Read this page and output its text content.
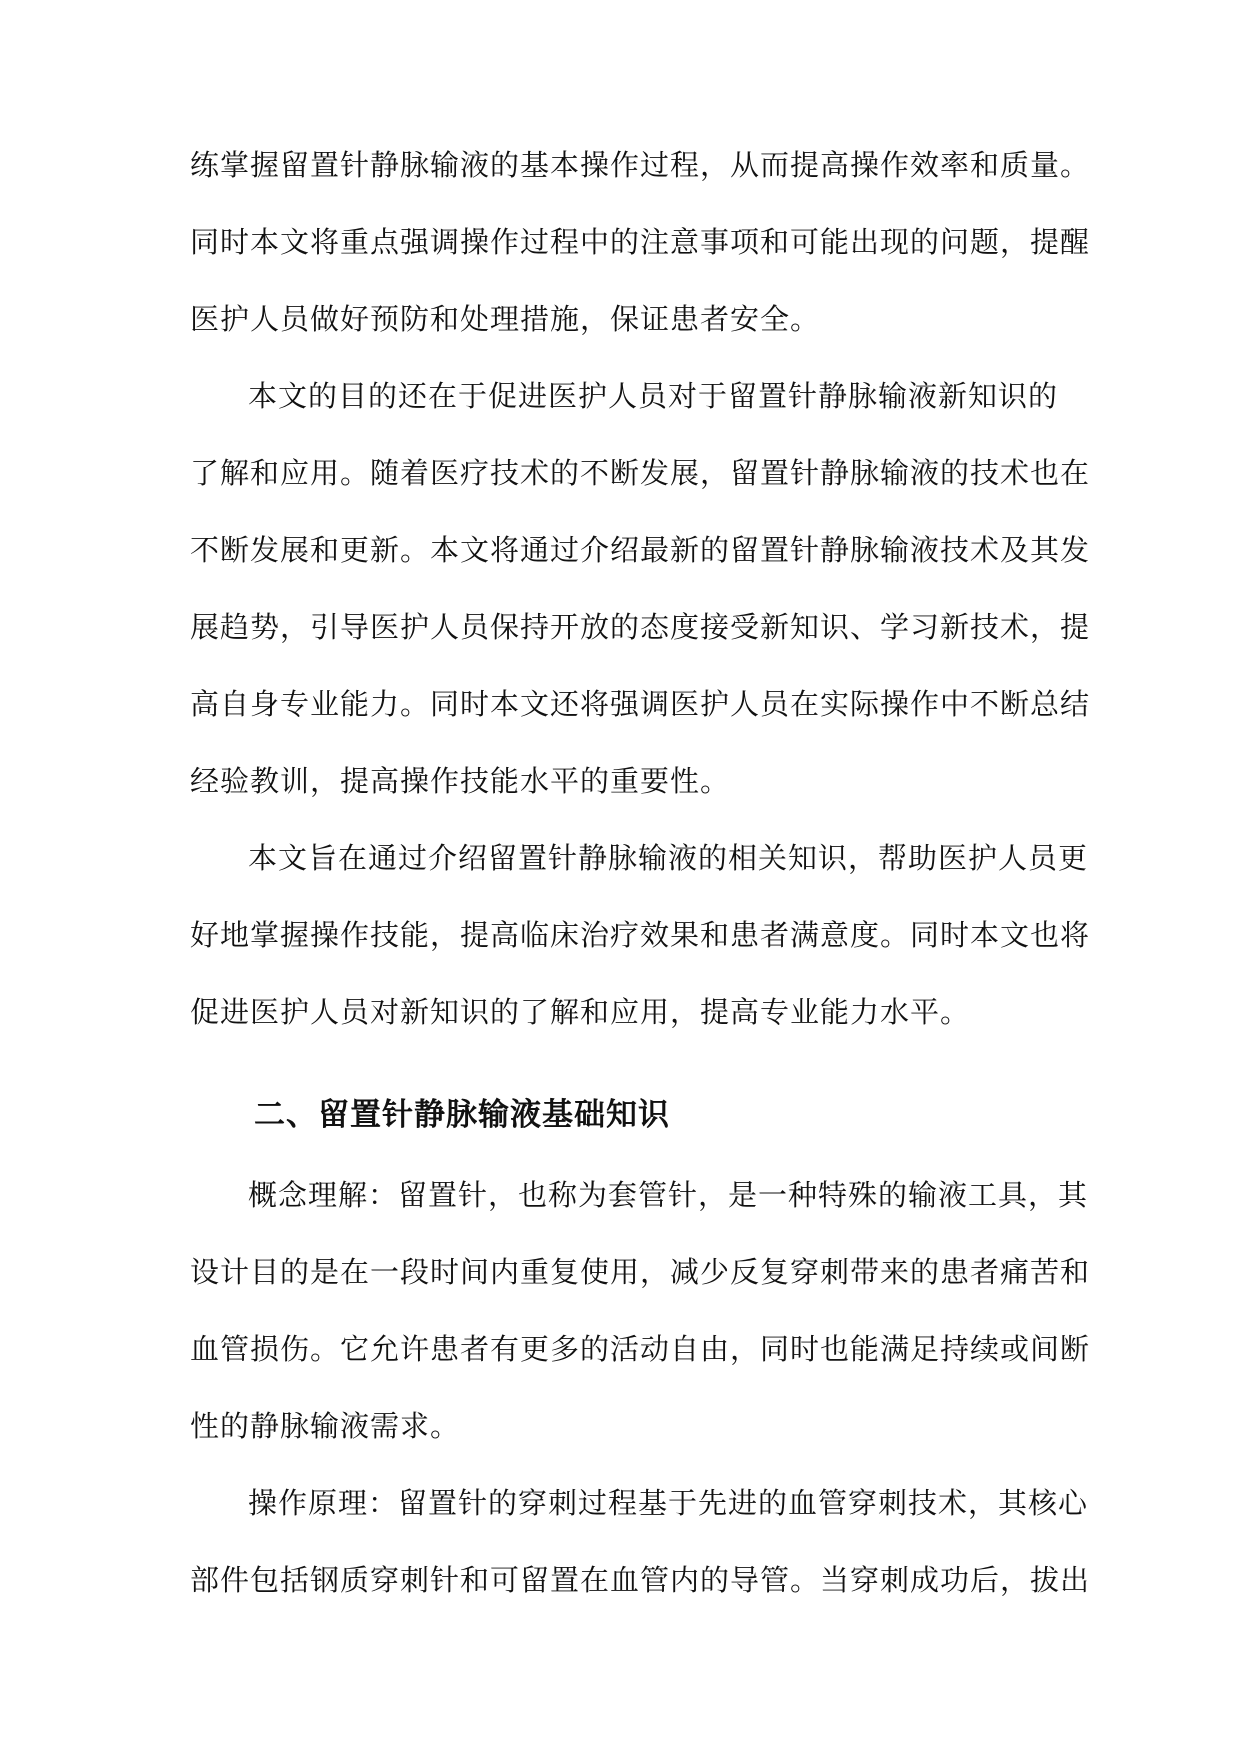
练掌握留置针静脉输液的基本操作过程，从而提高操作效率和质量。
同时本文将重点强调操作过程中的注意事项和可能出现的问题，提醒
医护人员做好预防和处理措施，保证患者安全。
本文的目的还在于促进医护人员对于留置针静脉输液新知识的
了解和应用。随着医疗技术的不断发展，留置针静脉输液的技术也在
不断发展和更新。本文将通过介绍最新的留置针静脉输液技术及其发
展趋势，引导医护人员保持开放的态度接受新知识、学习新技术，提
高自身专业能力。同时本文还将强调医护人员在实际操作中不断总结
经验教训，提高操作技能水平的重要性。
本文旨在通过介绍留置针静脉输液的相关知识，帮助医护人员更
好地掌握操作技能，提高临床治疗效果和患者满意度。同时本文也将
促进医护人员对新知识的了解和应用，提高专业能力水平。
二、留置针静脉输液基础知识
概念理解：留置针，也称为套管针，是一种特殊的输液工具，其
设计目的是在一段时间内重复使用，减少反复穿刺带来的患者痛苦和
血管损伤。它允许患者有更多的活动自由，同时也能满足持续或间断
性的静脉输液需求。
操作原理：留置针的穿刺过程基于先进的血管穿刺技术，其核心
部件包括钢质穿刺针和可留置在血管内的导管。当穿刺成功后，拔出
